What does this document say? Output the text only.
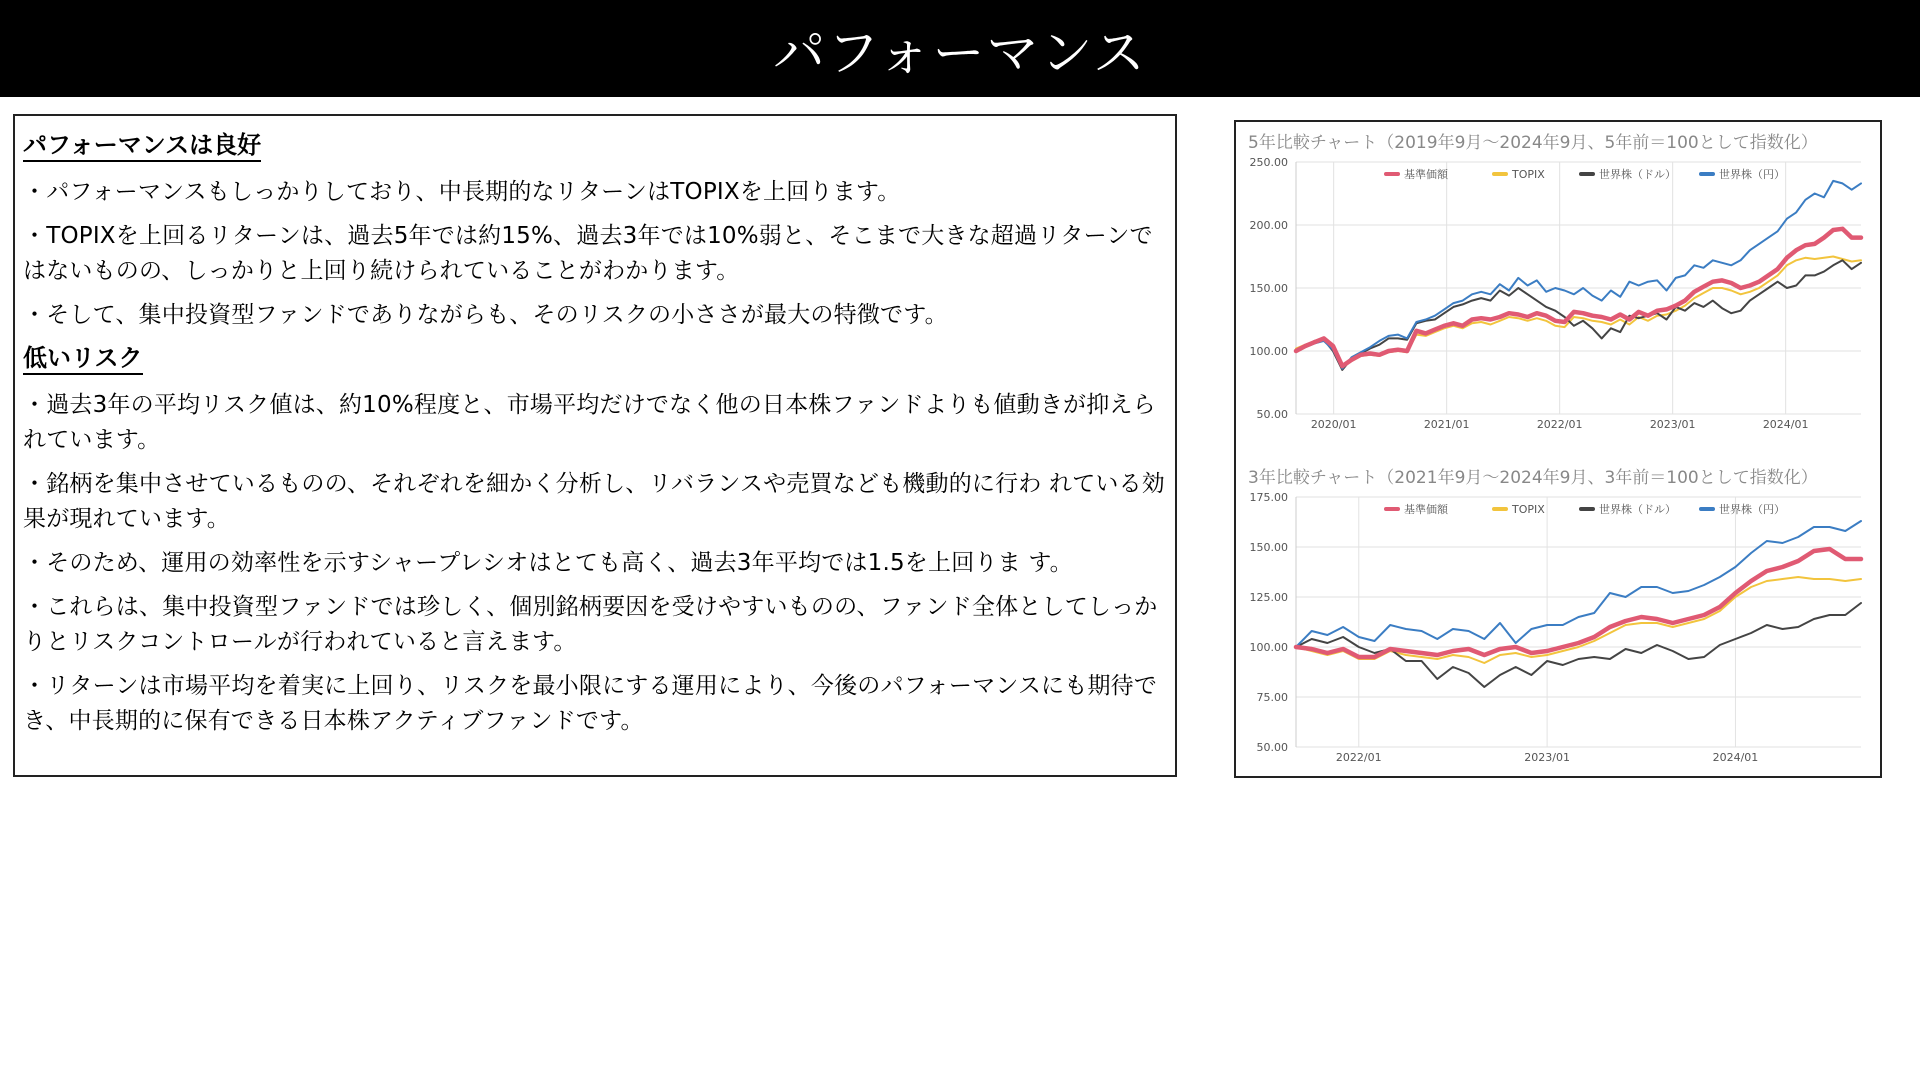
パフォーマンス
パフォーマンスは良好
・パフォーマンスもしっかりしており、中長期的なリターンはTOPIXを上回ります。
・TOPIXを上回るリターンは、過去5年では約15%、過去3年では10%弱と、そこまで大きな超過リターンではないものの、しっかりと上回り続けられていることがわかります。
・そして、集中投資型ファンドでありながらも、そのリスクの小ささが最大の特徴です。
低いリスク
・過去3年の平均リスク値は、約10%程度と、市場平均だけでなく他の日本株ファンドよりも値動きが抑えられています。
・銘柄を集中させているものの、それぞれを細かく分析し、リバランスや売買なども機動的に行わ れている効果が現れています。
・そのため、運用の効率性を示すシャープレシオはとても高く、過去3年平均では1.5を上回りま す。
・これらは、集中投資型ファンドでは珍しく、個別銘柄要因を受けやすいものの、ファンド全体としてしっかりとリスクコントロールが行われていると言えます。
・リターンは市場平均を着実に上回り、リスクを最小限にする運用により、今後のパフォーマンスにも期待でき、中長期的に保有できる日本株アクティブファンドです。
5年比較チャート（2019年9月～2024年9月、5年前＝100として指数化）
50.00
100.00
150.00
200.00
250.00
2020/01	2021/01	2022/01	2023/01	2024/01
基準価額	TOPIX	世界株（ドル）	世界株（円）
3年比較チャート（2021年9月～2024年9月、3年前＝100として指数化）
50.00
75.00
100.00
125.00
150.00
175.00
2022/01	2023/01	2024/01
基準価額	TOPIX	世界株（ドル）	世界株（円）
